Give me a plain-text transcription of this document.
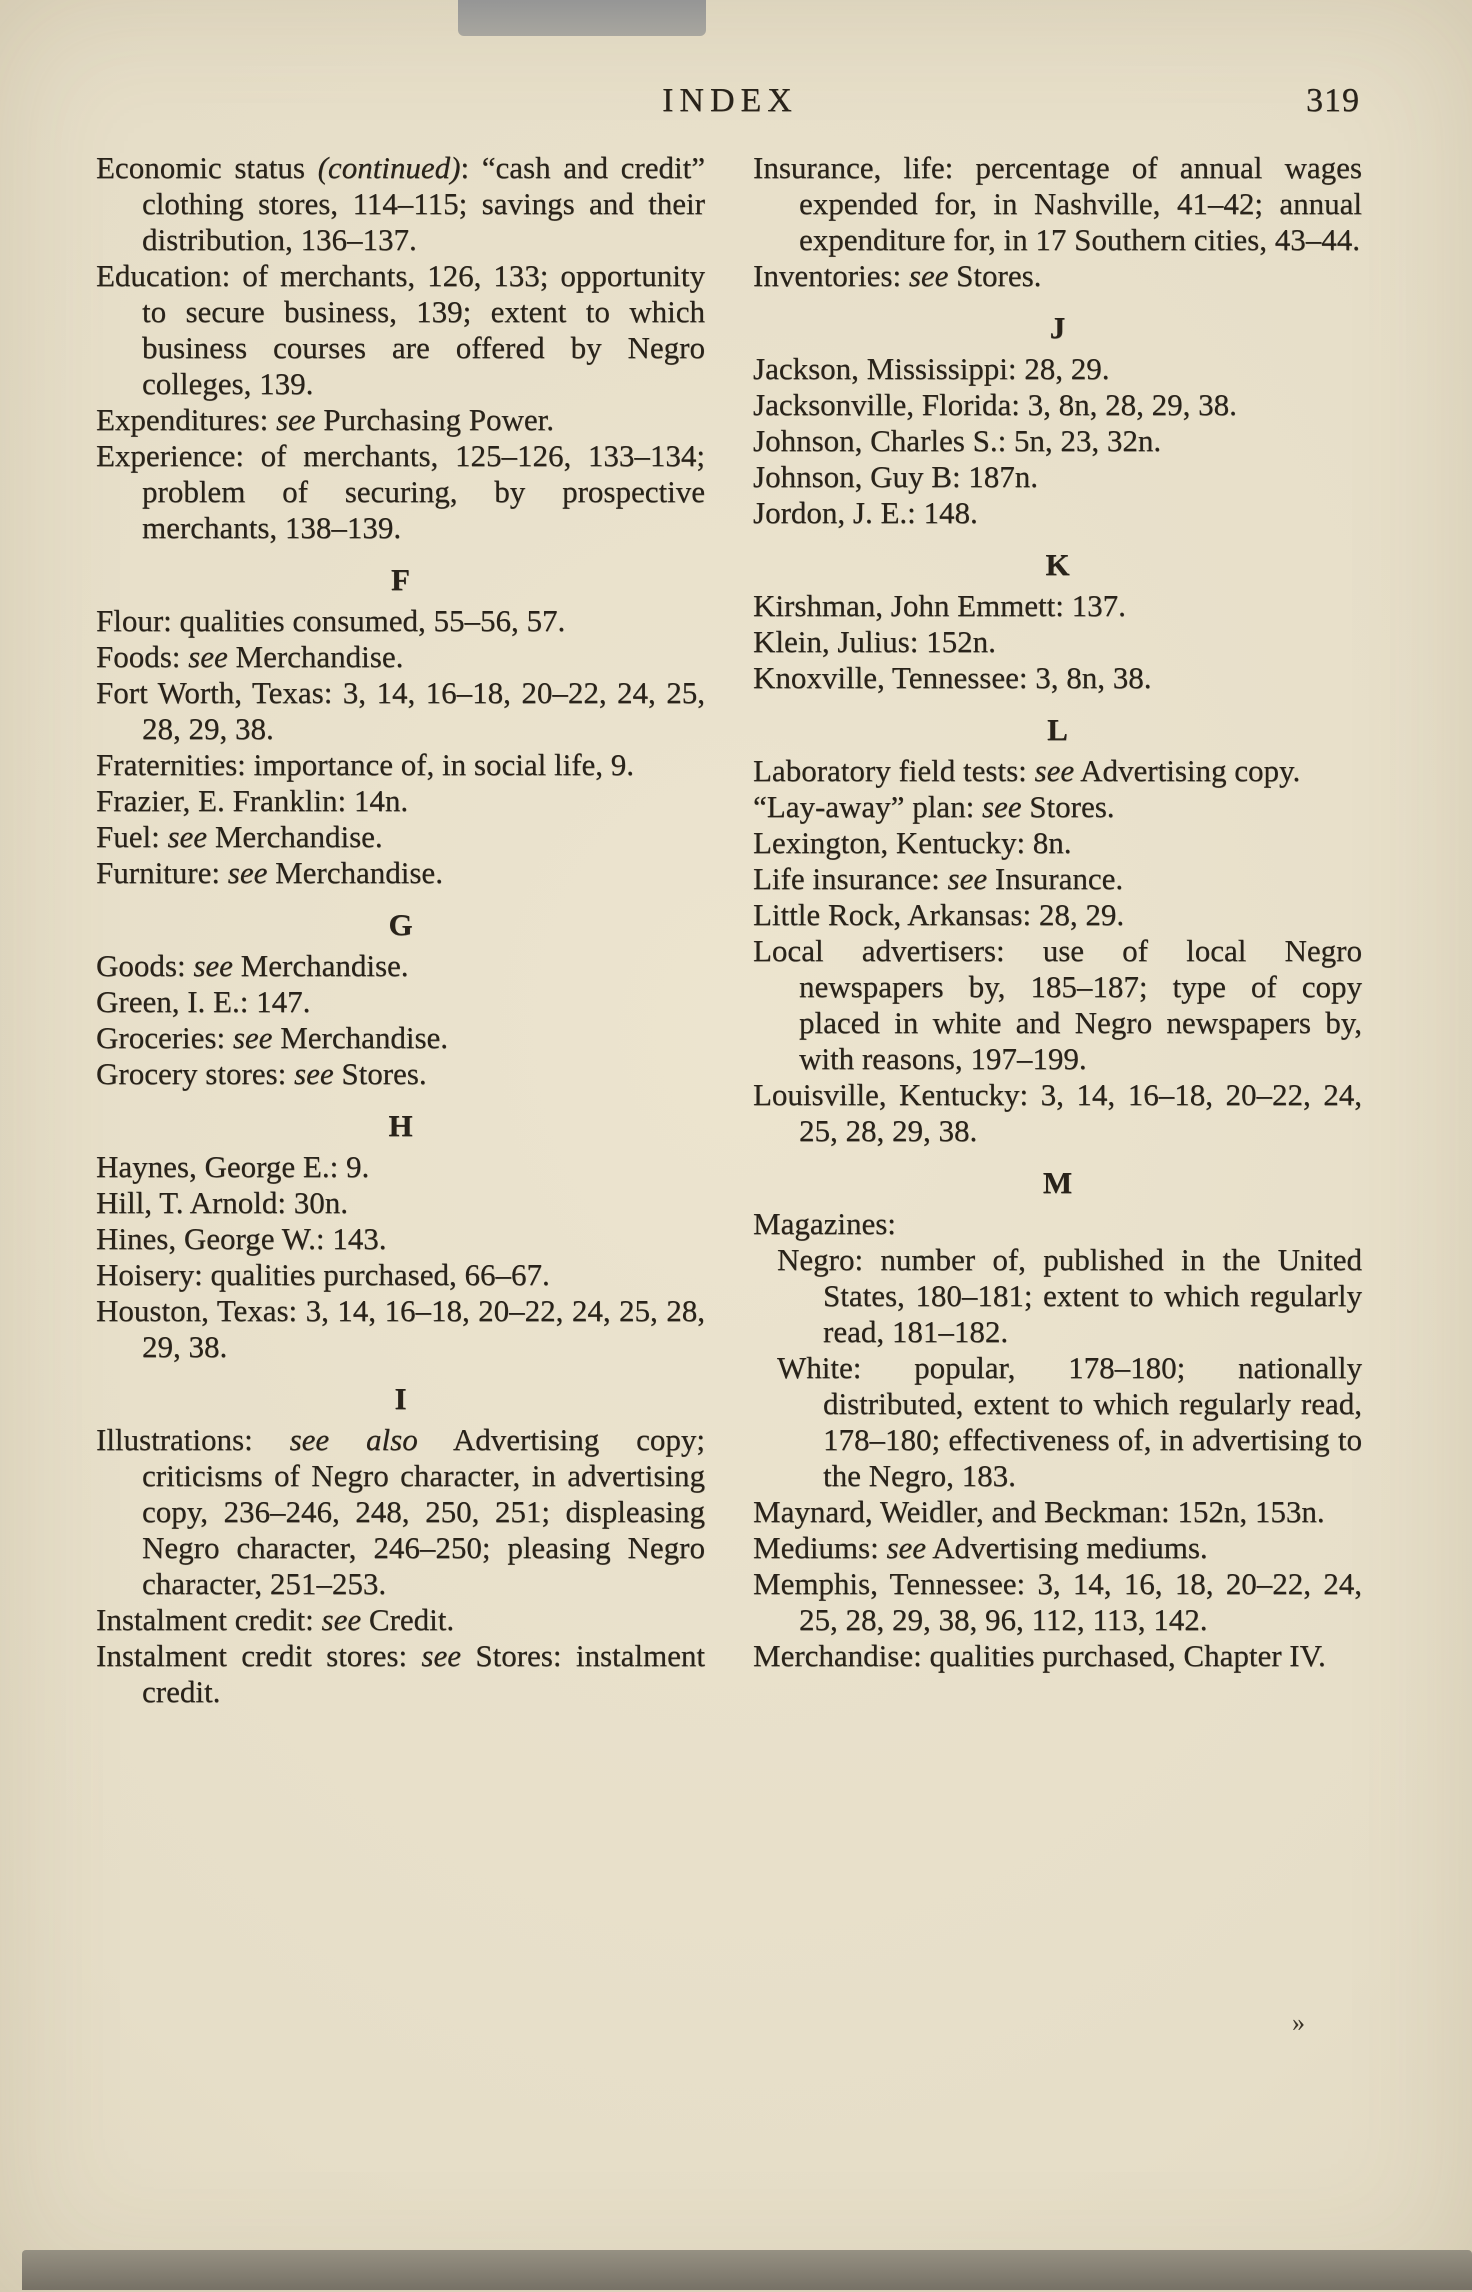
INDEX	319

Economic status (continued): “cash and credit” clothing stores, 114–115; savings and their distribution, 136–137.

Education: of merchants, 126, 133; opportunity to secure business, 139; extent to which business courses are offered by Negro colleges, 139.

Expenditures: see Purchasing Power.

Experience: of merchants, 125–126, 133–134; problem of securing, by prospective merchants, 138–139.

F

Flour: qualities consumed, 55–56, 57.

Foods: see Merchandise.

Fort Worth, Texas: 3, 14, 16–18, 20–22, 24, 25, 28, 29, 38.

Fraternities: importance of, in social life, 9.

Frazier, E. Franklin: 14n.

Fuel: see Merchandise.

Furniture: see Merchandise.

G

Goods: see Merchandise.

Green, I. E.: 147.

Groceries: see Merchandise.

Grocery stores: see Stores.

H

Haynes, George E.: 9.

Hill, T. Arnold: 30n.

Hines, George W.: 143.

Hoisery: qualities purchased, 66–67.

Houston, Texas: 3, 14, 16–18, 20–22, 24, 25, 28, 29, 38.

I

Illustrations: see also Advertising copy; criticisms of Negro character, in advertising copy, 236–246, 248, 250, 251; displeasing Negro character, 246–250; pleasing Negro character, 251–253.

Instalment credit: see Credit.

Instalment credit stores: see Stores: instalment credit.

Insurance, life: percentage of annual wages expended for, in Nashville, 41–42; annual expenditure for, in 17 Southern cities, 43–44.

Inventories: see Stores.

J

Jackson, Mississippi: 28, 29.

Jacksonville, Florida: 3, 8n, 28, 29, 38.

Johnson, Charles S.: 5n, 23, 32n.

Johnson, Guy B: 187n.

Jordon, J. E.: 148.

K

Kirshman, John Emmett: 137.

Klein, Julius: 152n.

Knoxville, Tennessee: 3, 8n, 38.

L

Laboratory field tests: see Advertising copy.

“Lay-away” plan: see Stores.

Lexington, Kentucky: 8n.

Life insurance: see Insurance.

Little Rock, Arkansas: 28, 29.

Local advertisers: use of local Negro newspapers by, 185–187; type of copy placed in white and Negro newspapers by, with reasons, 197–199.

Louisville, Kentucky: 3, 14, 16–18, 20–22, 24, 25, 28, 29, 38.

M

Magazines:

Negro: number of, published in the United States, 180–181; extent to which regularly read, 181–182.

White: popular, 178–180; nationally distributed, extent to which regularly read, 178–180; effectiveness of, in advertising to the Negro, 183.

Maynard, Weidler, and Beckman: 152n, 153n.

Mediums: see Advertising mediums.

Memphis, Tennessee: 3, 14, 16, 18, 20–22, 24, 25, 28, 29, 38, 96, 112, 113, 142.

Merchandise: qualities purchased, Chapter IV.

»
